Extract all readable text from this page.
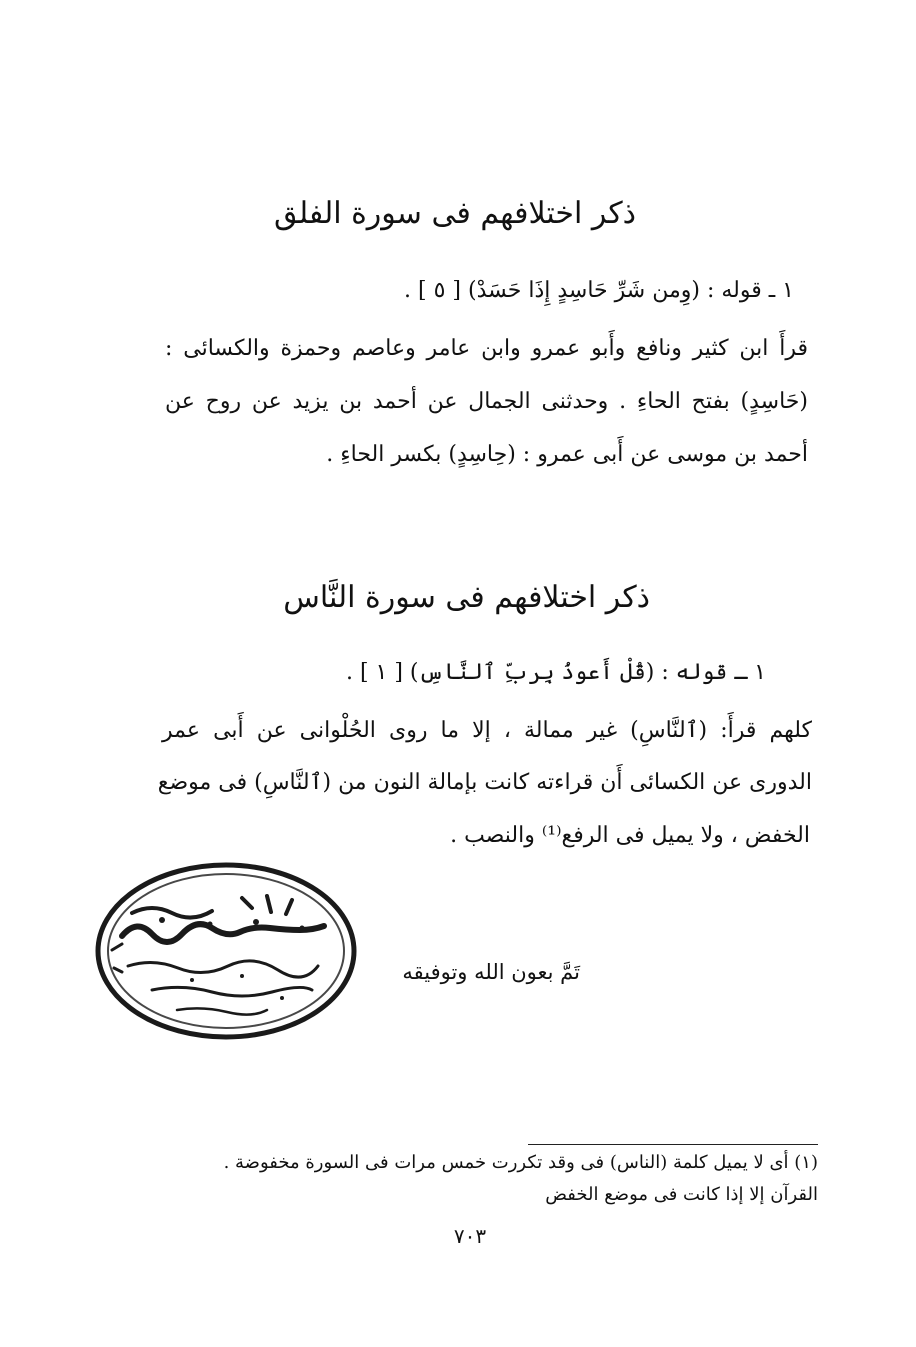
ذكر اختلافهم فى سورة الفلق
١ ـ قوله : (وِمن شَرِّ حَاسِدٍ إِذَا حَسَدْ) [ ٥ ] .
قرأَ ابن كثير ونافع وأَبو عمرو وابن عامر وعاصم وحمزة والكسائى :
(حَاسِدٍ) بفتح الحاءِ . وحدثنى الجمال عن أحمد بن يزيد عن روح عن
أحمد بن موسى عن أَبى عمرو : (حِاسِدٍ) بكسر الحاءِ .
ذكر اختلافهم فى سورة النَّاس
١ ـ قوله : (قُلْ أَعوذُ بِربِّ ٱلنَّاسِ) [ ١ ] .
كلهم قرأَ: (ٱلنَّاسِ) غير ممالة ، إلا ما روى الحُلْوانى عن أَبى عمر
الدورى عن الكسائى أَن قراءته كانت بإمالة النون من (ٱلنَّاسِ) فى موضع
الخفض ، ولا يميل فى الرفع⁽¹⁾ والنصب .
تَمَّ بعون الله وتوفيقه
(١) أى لا يميل كلمة (الناس) فى وقد تكررت خمس مرات فى السورة مخفوضة .
القرآن إلا إذا كانت فى موضع الخفض
٧٠٣
